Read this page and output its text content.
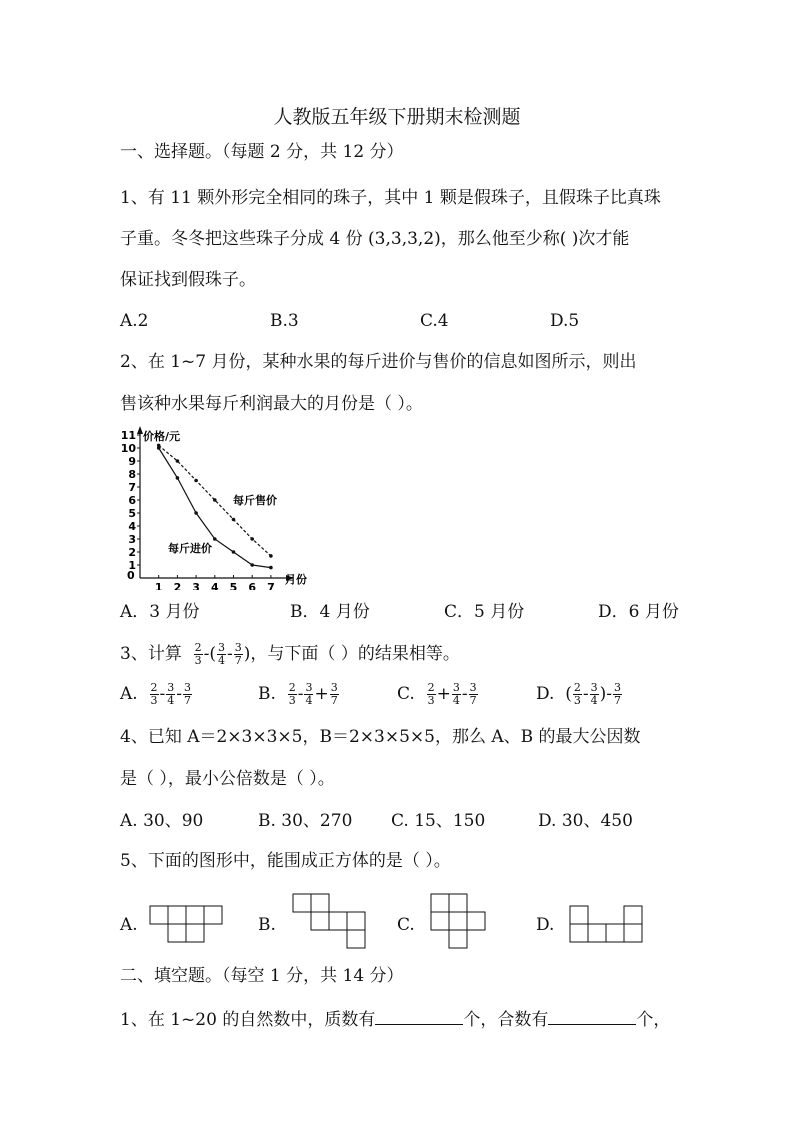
人教版五年级下册期末检测题
一、选择题。（每题 2 分，共 12 分）
1、有 11 颗外形完全相同的珠子，其中 1 颗是假珠子，且假珠子比真珠
子重。冬冬把这些珠子分成 4 份 (3,3,3,2)，那么他至少称( )次才能
保证找到假珠子。
A.2	B.3	C.4	D.5
2、在 1~7 月份，某种水果的每斤进价与售价的信息如图所示，则出
售该种水果每斤利润最大的月份是（ ）。
价格/元
月份
0
1
2
3
4
5
6
7
8
9
10
11
1 2 3 4 5 6 7
每斤售价
每斤进价
A．3 月份	B．4 月份	C．5 月份	D．6 月份
3、计算 $\frac{2}{3}$ -( $\frac{3}{4} - \frac{3}{7}$ )，与下面（ ）的结果相等。
A. $\frac{2}{3} - \frac{3}{4} - \frac{3}{7}$	B. $\frac{2}{3} - \frac{3}{4} + \frac{3}{7}$	C. $\frac{2}{3} + \frac{3}{4} - \frac{3}{7}$	D.  ( $\frac{2}{3} - \frac{3}{4}$ )- $\frac{3}{7}$
4、已知 A＝2×3×3×5，B＝2×3×5×5，那么 A、B 的最大公因数
是（ ），最小公倍数是（ ）。
A. 30、90	B. 30、270 C. 15、150	D. 30、450
5、下面的图形中，能围成正方体的是（ ）。
A.	B.	C.	D.
二、填空题。（每空 1 分，共 14 分）
1、在 1~20 的自然数中，质数有	个，合数有	个，
